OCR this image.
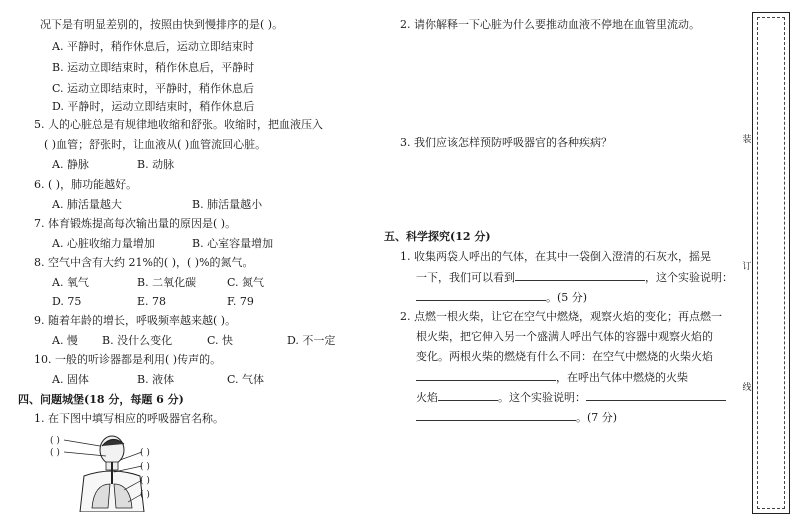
况下是有明显差别的，按照由快到慢排序的是( )。
A. 平静时，稍作休息后，运动立即结束时
B. 运动立即结束时，稍作休息后，平静时
C. 运动立即结束时，平静时，稍作休息后
D. 平静时，运动立即结束时，稍作休息后
5. 人的心脏总是有规律地收缩和舒张。收缩时，把血液压入
( )血管；舒张时，让血液从( )血管流回心脏。
A. 静脉	B. 动脉
6. ( )，肺功能越好。
A. 肺活量越大	B. 肺活量越小
7. 体育锻炼提高每次输出量的原因是( )。
A. 心脏收缩力量增加	B. 心室容量增加
8. 空气中含有大约 21%的( )，( )%的氮气。
A. 氧气	B. 二氧化碳	C. 氮气
D. 75	E. 78	F. 79
9. 随着年龄的增长，呼吸频率越来越( )。
A. 慢	B. 没什么变化	C. 快	D. 不一定
10. 一般的听诊器都是利用( )传声的。
A. 固体	B. 液体	C. 气体
四、问题城堡(18 分，每题 6 分)
1. 在下图中填写相应的呼吸器官名称。
( )
( )	( )
( )
( )
( )
2. 请你解释一下心脏为什么要推动血液不停地在血管里流动。
3. 我们应该怎样预防呼吸器官的各种疾病？
五、科学探究(12 分)
1. 收集两袋人呼出的气体，在其中一袋倒入澄清的石灰水，摇晃
一下，我们可以看到	，这个实验说明：
。(5 分)
2. 点燃一根火柴，让它在空气中燃烧，观察火焰的变化；再点燃一
根火柴，把它伸入另一个盛满人呼出气体的容器中观察火焰的
变化。两根火柴的燃烧有什么不同：在空气中燃烧的火柴火焰
，在呼出气体中燃烧的火柴
火焰	。这个实验说明：
。(7 分)
装
订
线
